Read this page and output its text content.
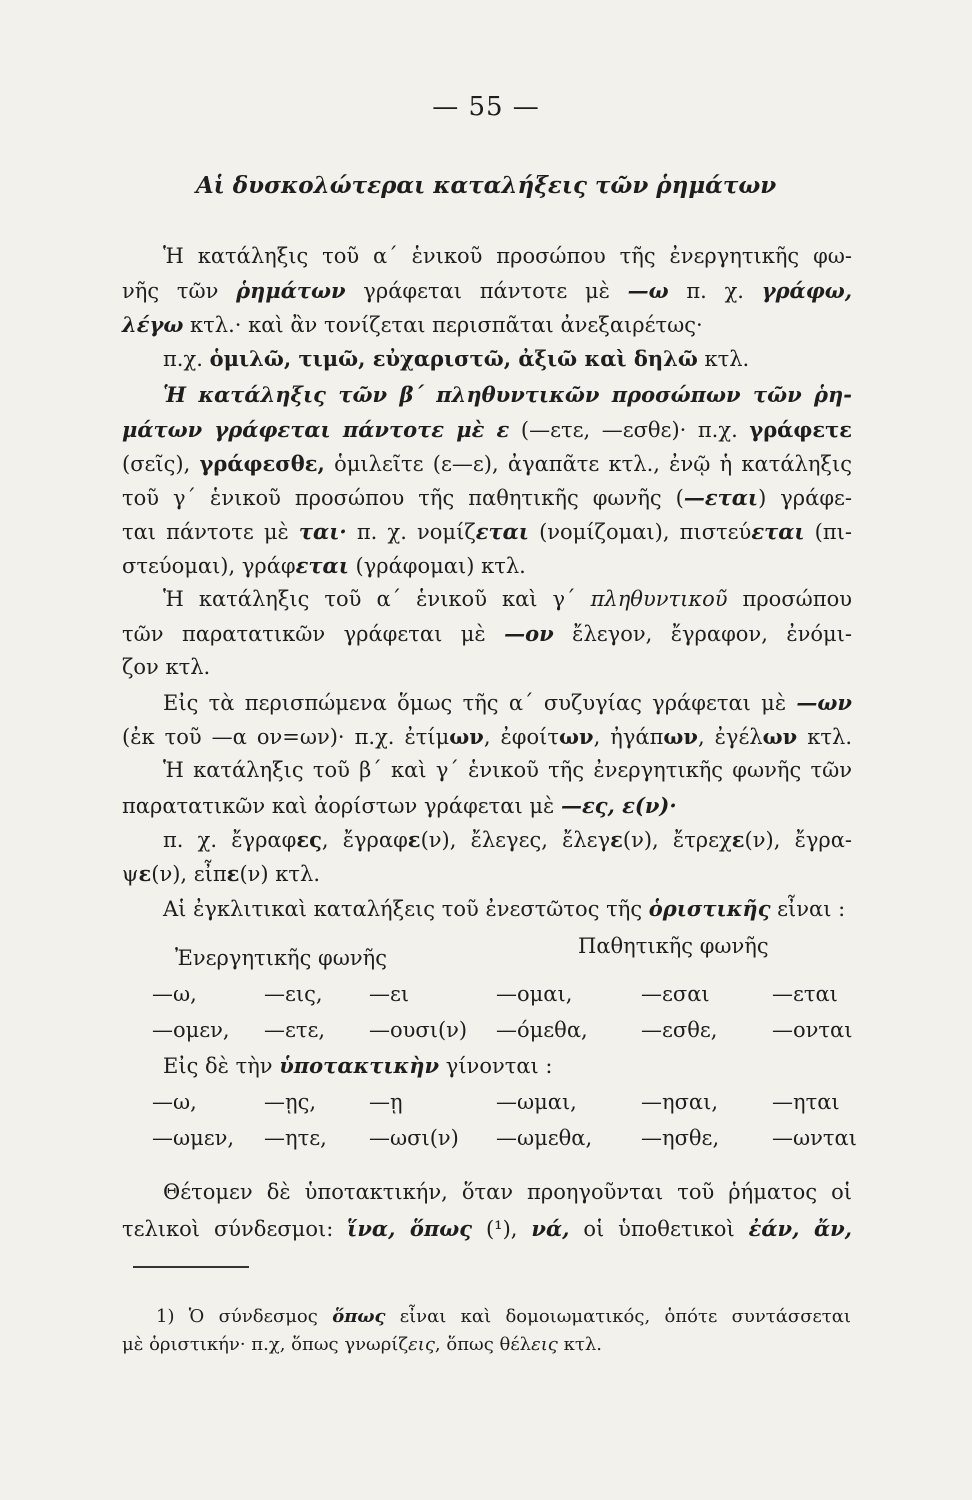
— 55 —
Αἱ δυσκολώτεραι καταλήξεις τῶν ῥημάτων
Ἡ κατάληξις τοῦ α΄ ἑνικοῦ προσώπου τῆς ἐνεργητικῆς φω-
νῆς τῶν ῥημάτων γράφεται πάντοτε μὲ —ω π. χ. γράφω,
λέγω κτλ.· καὶ ἂν τονίζεται περισπᾶται ἀνεξαιρέτως·
π.χ. ὁμιλῶ, τιμῶ, εὐχαριστῶ, ἀξιῶ καὶ δηλῶ κτλ.
Ἡ κατάληξις τῶν β΄ πληθυντικῶν προσώπων τῶν ῥη-
μάτων γράφεται πάντοτε μὲ ε (—ετε, —εσθε)· π.χ. γράφετε
(σεῖς), γράφεσθε, ὁμιλεῖτε (ε—ε), ἀγαπᾶτε κτλ., ἐνῷ ἡ κατάληξις
τοῦ γ΄ ἑνικοῦ προσώπου τῆς παθητικῆς φωνῆς (—εται) γράφε-
ται πάντοτε μὲ ται· π. χ. νομίζεται (νομίζομαι), πιστεύεται (πι-
στεύομαι), γράφεται (γράφομαι) κτλ.
Ἡ κατάληξις τοῦ α΄ ἑνικοῦ καὶ γ΄ πληθυντικοῦ προσώπου
τῶν παρατατικῶν γράφεται μὲ —ον ἔλεγον, ἔγραφον, ἐνόμι-
ζον κτλ.
Εἰς τὰ περισπώμενα ὅμως τῆς α΄ συζυγίας γράφεται μὲ —ων
(ἐκ τοῦ —α ον=ων)· π.χ. ἐτίμων, ἐφοίτων, ἠγάπων, ἐγέλων κτλ.
Ἡ κατάληξις τοῦ β΄ καὶ γ΄ ἑνικοῦ τῆς ἐνεργητικῆς φωνῆς τῶν
παρατατικῶν καὶ ἀορίστων γράφεται μὲ —ες, ε(ν)·
π. χ. ἔγραφες, ἔγραφε(ν), ἔλεγες, ἔλεγε(ν), ἔτρεχε(ν), ἔγρα-
ψε(ν), εἶπε(ν) κτλ.
Αἱ ἐγκλιτικαὶ καταλήξεις τοῦ ἐνεστῶτος τῆς ὁριστικῆς εἶναι :
Παθητικῆς φωνῆς
Ἐνεργητικῆς φωνῆς
—ω,	—εις, —ει	—ομαι,	—εσαι	—εται
—ομεν, —ετε, —ουσι(ν) —όμεθα,	—εσθε,	—ονται
Εἰς δὲ τὴν ὑποτακτικὴν γίνονται :
—ω,	—ῃς,	—ῃ	—ωμαι,	—ησαι,	—ηται
—ωμεν, —ητε, —ωσι(ν) —ωμεθα, —ησθε,	—ωνται
Θέτομεν δὲ ὑποτακτικήν, ὅταν προηγοῦνται τοῦ ῥήματος οἱ
τελικοὶ σύνδεσμοι: ἵνα, ὅπως (¹), νά, οἱ ὑποθετικοὶ ἐάν, ἄν,
1) Ὁ σύνδεσμος ὅπως εἶναι καὶ δομοιωματικός, ὁπότε συντάσσεται
μὲ ὁριστικήν· π.χ, ὅπως γνωρίζεις, ὅπως θέλεις κτλ.
